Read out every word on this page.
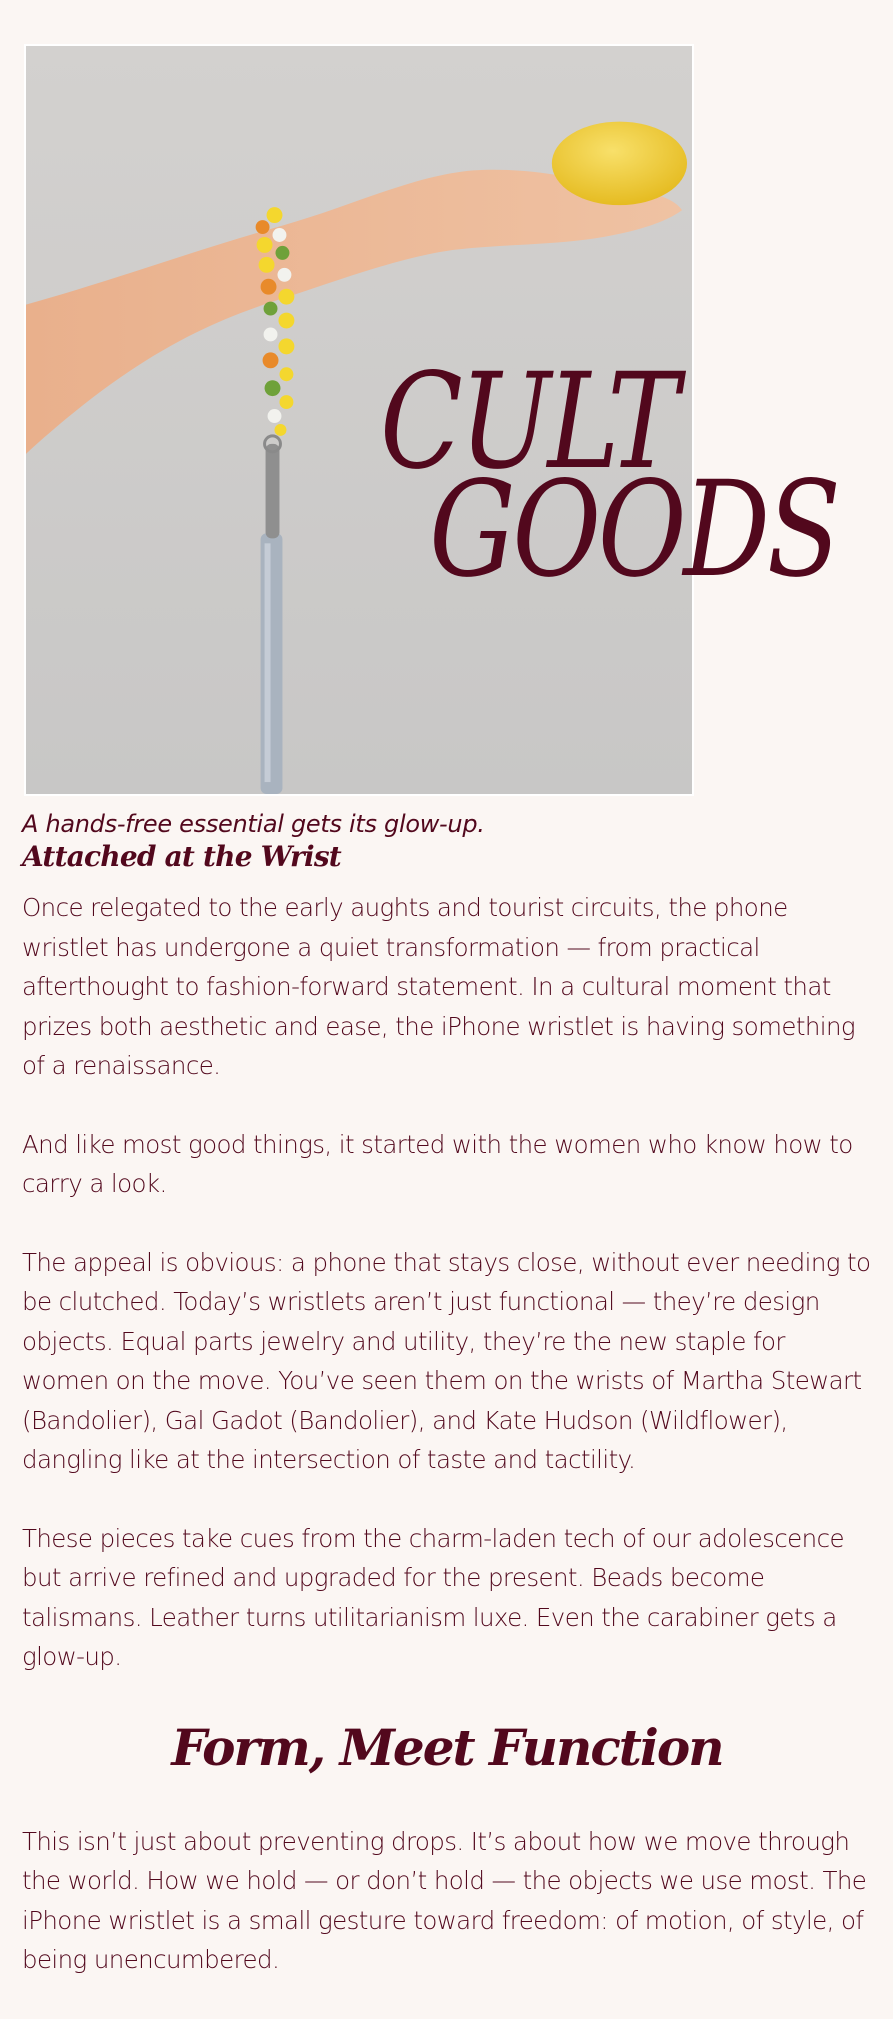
CULT
GOODS

A hands-free essential gets its glow-up.

Attached at the Wrist

Once relegated to the early aughts and tourist circuits, the phone wristlet has undergone a quiet transformation — from practical afterthought to fashion-forward statement. In a cultural moment that prizes both aesthetic and ease, the iPhone wristlet is having something of a renaissance.

And like most good things, it started with the women who know how to carry a look.

The appeal is obvious: a phone that stays close, without ever needing to be clutched. Today’s wristlets aren’t just functional — they’re design objects. Equal parts jewelry and utility, they’re the new staple for women on the move. You’ve seen them on the wrists of Martha Stewart (Bandolier), Gal Gadot (Bandolier), and Kate Hudson (Wildflower), dangling like at the intersection of taste and tactility.

These pieces take cues from the charm-laden tech of our adolescence but arrive refined and upgraded for the present. Beads become talismans. Leather turns utilitarianism luxe. Even the carabiner gets a glow-up.

Form, Meet Function

This isn’t just about preventing drops. It’s about how we move through the world. How we hold — or don’t hold — the objects we use most. The iPhone wristlet is a small gesture toward freedom: of motion, of style, of being unencumbered.
